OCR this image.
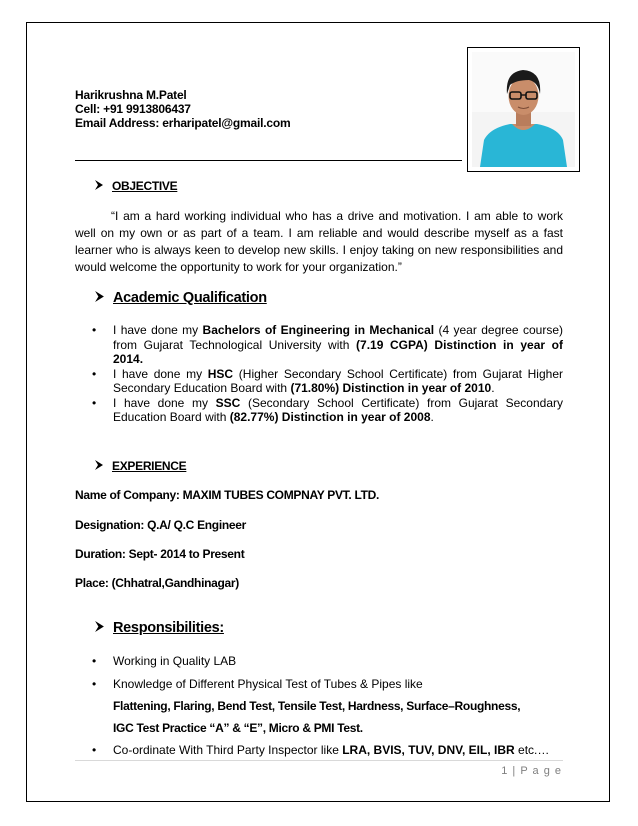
Harikrushna M.Patel
Cell: +91 9913806437
Email Address: erharipatel@gmail.com
OBJECTIVE

“I am a hard working individual who has a drive and motivation. I am able to work well on my own or as part of a team. I am reliable and would describe myself as a fast learner who is always keen to develop new skills. I enjoy taking on new responsibilities and would welcome the opportunity to work for your organization.”

Academic Qualification
• I have done my Bachelors of Engineering in Mechanical (4 year degree course) from Gujarat Technological University with (7.19 CGPA) Distinction in year of 2014.
• I have done my HSC (Higher Secondary School Certificate) from Gujarat Higher Secondary Education Board with (71.80%) Distinction in year of 2010.
• I have done my SSC (Secondary School Certificate) from Gujarat Secondary Education Board with (82.77%) Distinction in year of 2008.
EXPERIENCE
Name of Company: MAXIM TUBES COMPNAY PVT. LTD.
Designation: Q.A/ Q.C Engineer
Duration: Sept- 2014 to Present
Place: (Chhatral,Gandhinagar)
Responsibilities:
• Working in Quality LAB
• Knowledge of Different Physical Test of Tubes & Pipes like
Flattening, Flaring, Bend Test, Tensile Test, Hardness, Surface–Roughness,
IGC Test Practice “A” & “E”, Micro & PMI Test.
• Co-ordinate With Third Party Inspector like LRA, BVIS, TUV, DNV, EIL, IBR etc.…
1 | P a g e
